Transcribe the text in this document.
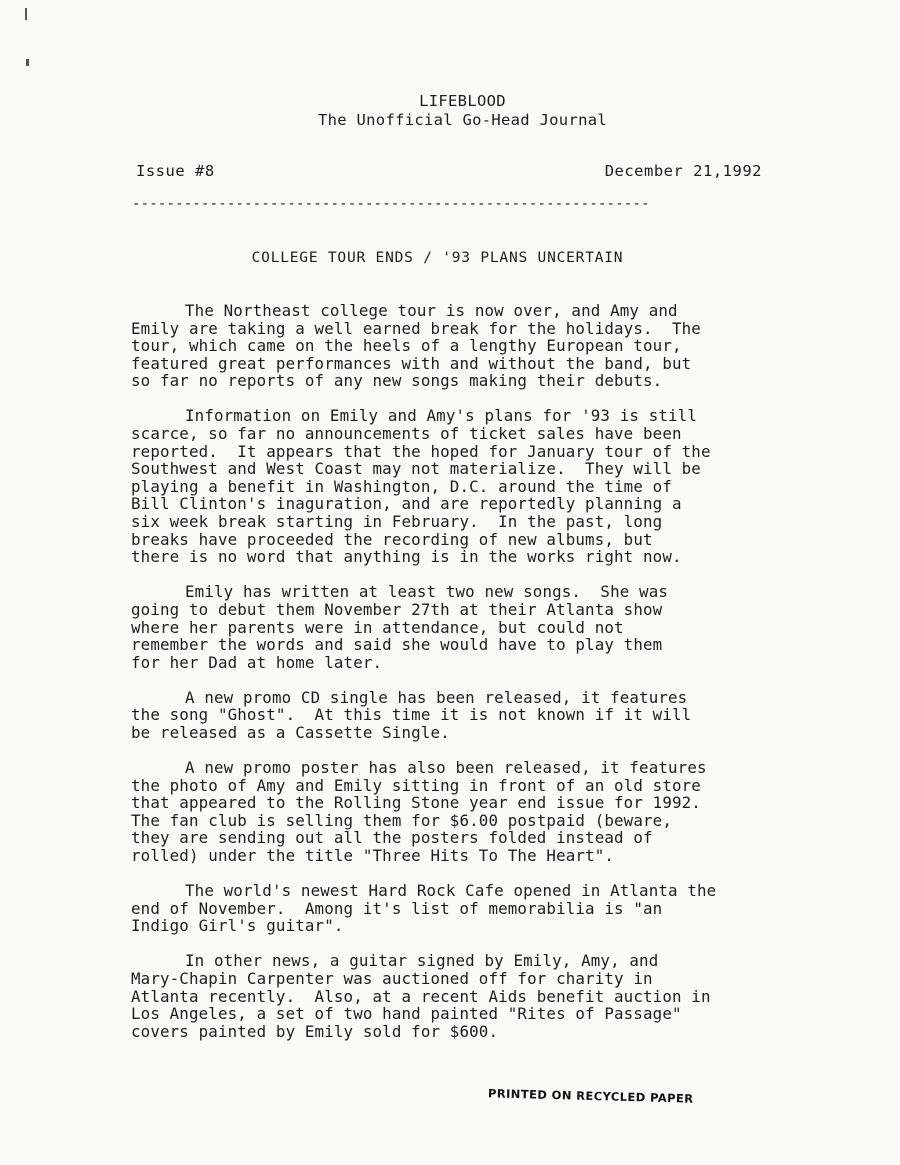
LIFEBLOOD
The Unofficial Go-Head Journal
Issue #8	December 21,1992
------------------------------------------------------------
COLLEGE TOUR ENDS / '93 PLANS UNCERTAIN
The Northeast college tour is now over, and Amy and
Emily are taking a well earned break for the holidays.  The
tour, which came on the heels of a lengthy European tour,
featured great performances with and without the band, but
so far no reports of any new songs making their debuts.
Information on Emily and Amy's plans for '93 is still
scarce, so far no announcements of ticket sales have been
reported.  It appears that the hoped for January tour of the
Southwest and West Coast may not materialize.  They will be
playing a benefit in Washington, D.C. around the time of
Bill Clinton's inaguration, and are reportedly planning a
six week break starting in February.  In the past, long
breaks have proceeded the recording of new albums, but
there is no word that anything is in the works right now.
Emily has written at least two new songs.  She was
going to debut them November 27th at their Atlanta show
where her parents were in attendance, but could not
remember the words and said she would have to play them
for her Dad at home later.
A new promo CD single has been released, it features
the song "Ghost".  At this time it is not known if it will
be released as a Cassette Single.
A new promo poster has also been released, it features
the photo of Amy and Emily sitting in front of an old store
that appeared to the Rolling Stone year end issue for 1992.
The fan club is selling them for $6.00 postpaid (beware,
they are sending out all the posters folded instead of
rolled) under the title "Three Hits To The Heart".
The world's newest Hard Rock Cafe opened in Atlanta the
end of November.  Among it's list of memorabilia is "an
Indigo Girl's guitar".
In other news, a guitar signed by Emily, Amy, and
Mary-Chapin Carpenter was auctioned off for charity in
Atlanta recently.  Also, at a recent Aids benefit auction in
Los Angeles, a set of two hand painted "Rites of Passage"
covers painted by Emily sold for $600.
PRINTED ON RECYCLED PAPER
